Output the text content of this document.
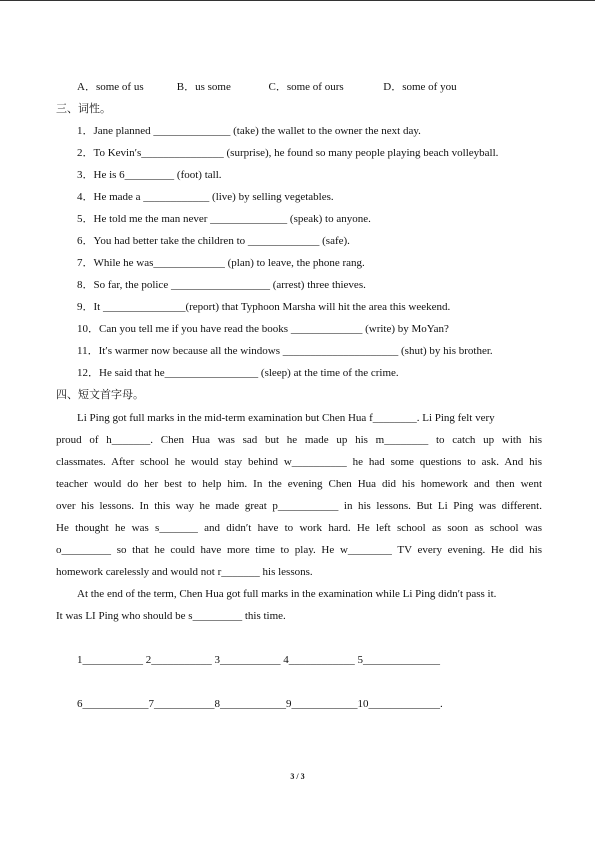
A．some of us	B．us some	C．some of ours	D．some of you
三、词性。
1．Jane planned ______________ (take) the wallet to the owner the next day.
2．To Kevin′s_______________ (surprise), he found so many people playing beach volleyball.
3．He is 6_________ (foot) tall.
4．He made a ____________ (live) by selling vegetables.
5．He told me the man never ______________ (speak) to anyone.
6．You had better take the children to _____________ (safe).
7．While he was_____________ (plan) to leave, the phone rang.
8．So far, the police __________________ (arrest) three thieves.
9．It _______________(report) that Typhoon Marsha will hit the area this weekend.
10．Can you tell me if you have read the books _____________ (write) by MoYan?
11．It′s warmer now because all the windows _____________________ (shut) by his brother.
12．He said that he_________________ (sleep) at the time of the crime.
四、短文首字母。
Li Ping got full marks in the mid-term examination but Chen Hua f________. Li Ping felt very
proud of h_______. Chen Hua was sad but he made up his m________ to catch up with his
classmates. After school he would stay behind w__________ he had some questions to ask. And his
teacher would do her best to help him. In the evening Chen Hua did his homework and then went
over his lessons. In this way he made great p___________ in his lessons. But Li Ping was different.
He thought he was s_______ and didn′t have to work hard. He left school as soon as school was
o_________ so that he could have more time to play. He w________ TV every evening. He did his
homework carelessly and would not r_______ his lessons.
At the end of the term, Chen Hua got full marks in the examination while Li Ping didn′t pass it.
It was LI Ping who should be s_________ this time.
1___________ 2___________ 3___________ 4____________ 5______________
6____________7___________8____________9____________10_____________.
3 / 3
